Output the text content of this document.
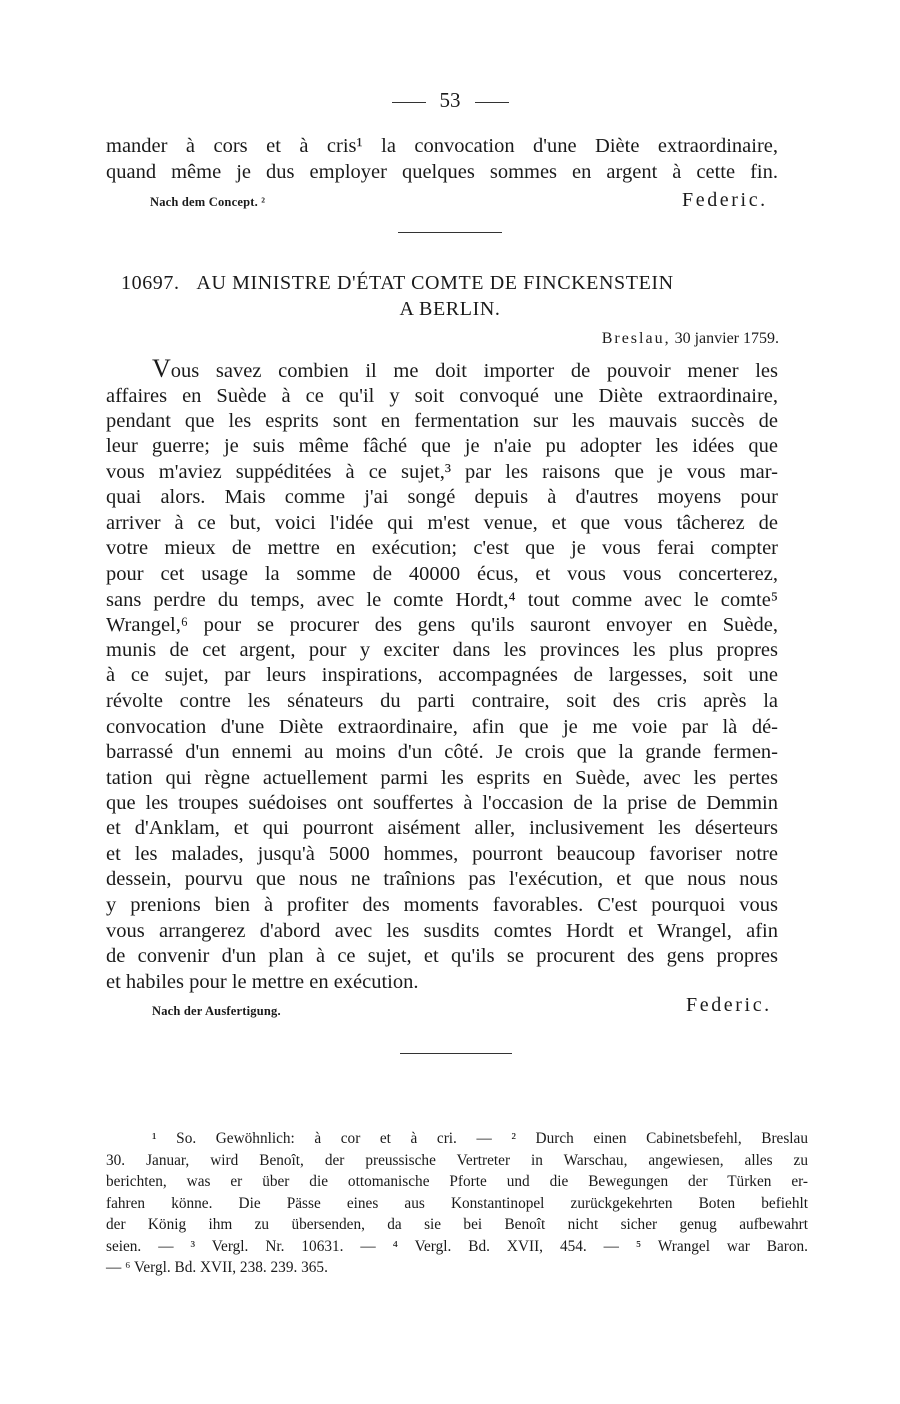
53
mander à cors et à cris¹ la convocation d'une Diète extraordinaire,
quand même je dus employer quelques sommes en argent à cette fin.
Nach dem Concept. ²	Federic.
10697. AU MINISTRE D'ÉTAT COMTE DE FINCKENSTEIN
A BERLIN.
Breslau, 30 janvier 1759.
Vous savez combien il me doit importer de pouvoir mener les
affaires en Suède à ce qu'il y soit convoqué une Diète extraordinaire,
pendant que les esprits sont en fermentation sur les mauvais succès de
leur guerre; je suis même fâché que je n'aie pu adopter les idées que
vous m'aviez suppéditées à ce sujet,³ par les raisons que je vous mar-
quai alors. Mais comme j'ai songé depuis à d'autres moyens pour
arriver à ce but, voici l'idée qui m'est venue, et que vous tâcherez de
votre mieux de mettre en exécution; c'est que je vous ferai compter
pour cet usage la somme de 40000 écus, et vous vous concerterez,
sans perdre du temps, avec le comte Hordt,⁴ tout comme avec le comte⁵
Wrangel,⁶ pour se procurer des gens qu'ils sauront envoyer en Suède,
munis de cet argent, pour y exciter dans les provinces les plus propres
à ce sujet, par leurs inspirations, accompagnées de largesses, soit une
révolte contre les sénateurs du parti contraire, soit des cris après la
convocation d'une Diète extraordinaire, afin que je me voie par là dé-
barrassé d'un ennemi au moins d'un côté. Je crois que la grande fermen-
tation qui règne actuellement parmi les esprits en Suède, avec les pertes
que les troupes suédoises ont souffertes à l'occasion de la prise de Demmin
et d'Anklam, et qui pourront aisément aller, inclusivement les déserteurs
et les malades, jusqu'à 5000 hommes, pourront beaucoup favoriser notre
dessein, pourvu que nous ne traînions pas l'exécution, et que nous nous
y prenions bien à profiter des moments favorables. C'est pourquoi vous
vous arrangerez d'abord avec les susdits comtes Hordt et Wrangel, afin
de convenir d'un plan à ce sujet, et qu'ils se procurent des gens propres
et habiles pour le mettre en exécution.
Nach der Ausfertigung.	Federic.
¹ So. Gewöhnlich: à cor et à cri. — ² Durch einen Cabinetsbefehl, Breslau
30. Januar, wird Benoît, der preussische Vertreter in Warschau, angewiesen, alles zu
berichten, was er über die ottomanische Pforte und die Bewegungen der Türken er-
fahren könne. Die Pässe eines aus Konstantinopel zurückgekehrten Boten befiehlt
der König ihm zu übersenden, da sie bei Benoît nicht sicher genug aufbewahrt
seien. — ³ Vergl. Nr. 10631. — ⁴ Vergl. Bd. XVII, 454. — ⁵ Wrangel war Baron.
— ⁶ Vergl. Bd. XVII, 238. 239. 365.
